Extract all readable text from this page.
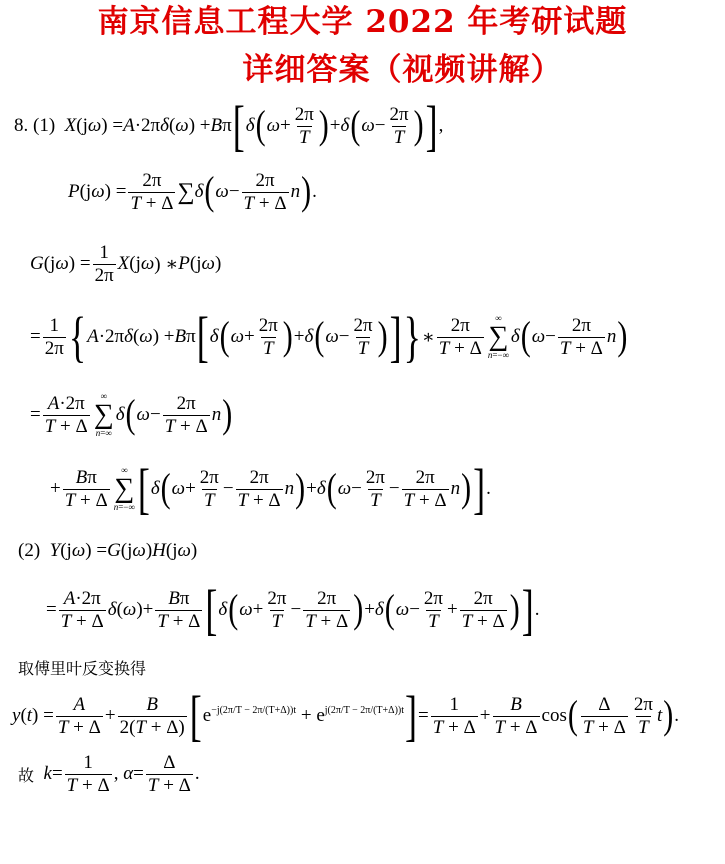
南京信息工程大学 2022 年考研试题
详细答案（视频讲解）
8. (1)
X (j ω ) = A ·2π δ ( ω ) + B π [ δ ( $\omega + \frac{2\pi}{T}$ ) + δ ( $\omega - \frac{2\pi}{T}$ ) ] ,
P (j ω ) = $\frac{2\pi}{T + \Delta}$ ∑ δ ( $\omega - \frac{2\pi}{T + \Delta}$ n ) .
G (j ω ) = $\frac{1}{2\pi}$ X (j ω ) ∗ P (j ω )
= $\frac{1}{2\pi}$ { A ·2π δ ( ω ) + B π [ δ ( $\omega + \frac{2\pi}{T}$ ) + δ ( $\omega - \frac{2\pi}{T}$ ) ] } ∗ $\frac{2\pi}{T + \Delta}$ ∞
∑
n=−∞
δ ( $\omega - \frac{2\pi}{T + \Delta}$ n )
= $\frac{A\cdot 2\pi}{T + \Delta}$ ∞
∑
n=∞
δ ( $\omega - \frac{2\pi}{T + \Delta}$ n )
+ $\frac{B\pi}{T + \Delta}$ ∞
∑
n=−∞ [ δ ( $\omega + \frac{2\pi}{T} - \frac{2\pi}{T + \Delta}$ n ) + δ ( $\omega - \frac{2\pi}{T} - \frac{2\pi}{T + \Delta}$ n ) ] .
(2)
Y (j ω ) = G (j ω ) H (j ω )
= $\frac{A\cdot 2\pi}{T + \Delta}$ δ ( ω )+ $\frac{B\pi}{T + \Delta}$ [ δ ( $\omega + \frac{2\pi}{T} - \frac{2\pi}{T + \Delta}$ ) + δ ( $\omega - \frac{2\pi}{T} + \frac{2\pi}{T + \Delta}$ ) ] .
取傅里叶反变换得
y ( t ) = $\frac{A}{T + \Delta} + \frac{B}{2(T + \Delta)}$ [ $e^{-j(2\pi/T - 2\pi/(T+\Delta))t} + e^{j(2\pi/T - 2\pi/(T+\Delta))t}$ ] = $\frac{1}{T + \Delta} + \frac{B}{T + \Delta}$ cos ( $\frac{\Delta}{T + \Delta} \frac{2\pi}{T}$ t ) .
故
$k = \frac{1}{T + \Delta}$ , $\alpha = \frac{\Delta}{T + \Delta}$ .
